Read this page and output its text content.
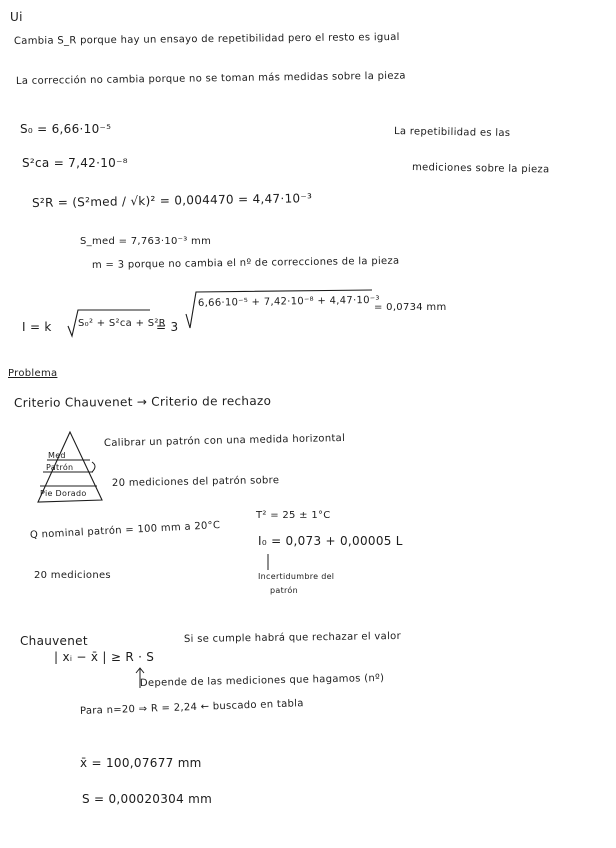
Ui
Cambia S_R porque hay un ensayo de repetibilidad pero el resto es igual
La corrección no cambia porque no se toman más medidas sobre la pieza
S₀ = 6,66·10⁻⁵	La repetibilidad es las
mediciones sobre la pieza
S²ca = 7,42·10⁻⁸
S²R = (S²med / √k)² = 0,004470 = 4,47·10⁻³
S_med = 7,763·10⁻³ mm
m = 3 porque no cambia el nº de correcciones de la pieza
I = k	S₀² + S²ca + S²R
= 3
6,66·10⁻⁵ + 7,42·10⁻⁸ + 4,47·10⁻³
= 0,0734 mm
Problema
Criterio Chauvenet → Criterio de rechazo
Med
Patrón
Pie Dorado
Calibrar un patrón con una medida horizontal
20 mediciones del patrón sobre
Q nominal patrón = 100 mm a 20°C
T² = 25 ± 1°C
I₀ = 0,073 + 0,00005 L
Incertidumbre del
patrón
20 mediciones
Chauvenet
| xᵢ − x̄ | ≥ R · S
Si se cumple habrá que rechazar el valor
Depende de las mediciones que hagamos (nº)
Para n=20 ⇒ R = 2,24 ← buscado en tabla
x̄ = 100,07677 mm
S = 0,00020304 mm
